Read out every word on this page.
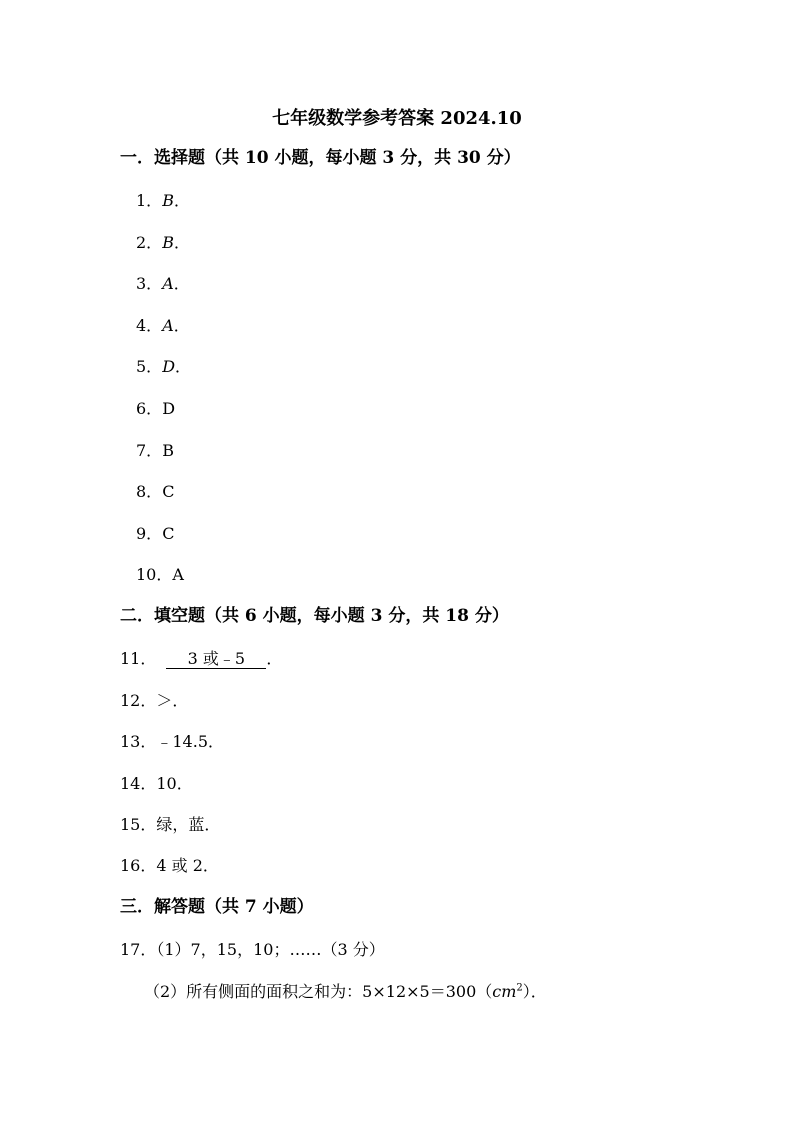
七年级数学参考答案 2024.10
一．选择题（共 10 小题，每小题 3 分，共 30 分）
1．B．
2．B．
3．A．
4．A．
5．D．
6．D
7．B
8．C
9．C
10．A
二．填空题（共 6 小题，每小题 3 分，共 18 分）
11． 3 或﹣5 ．
12．＞．
13．﹣14.5．
14．10．
15．绿，蓝．
16．4 或 2．
三．解答题（共 7 小题）
17．（1）7，15，10；……（3 分）
（2）所有侧面的面积之和为：$5\times 12\times 5=300(cm^2)$．
